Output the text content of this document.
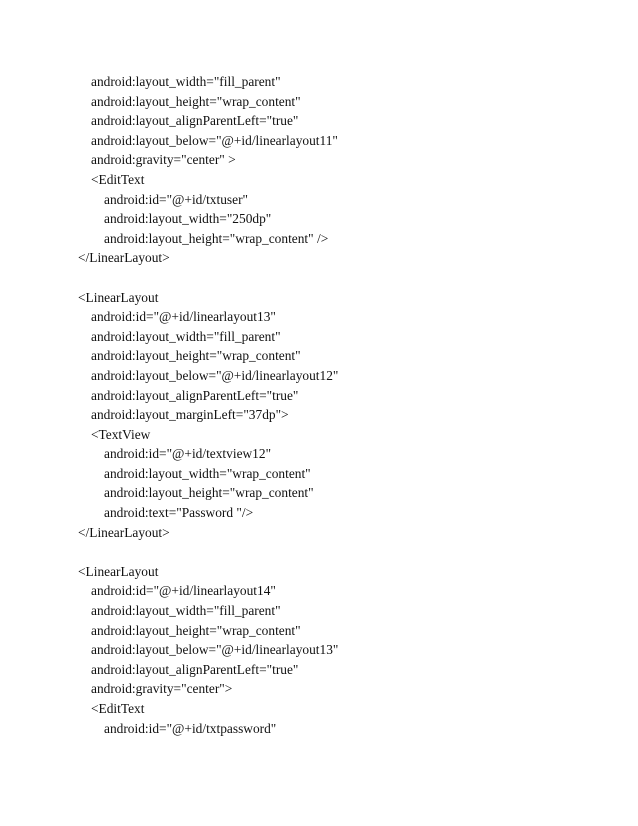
android:layout_width="fill_parent"
android:layout_height="wrap_content"
android:layout_alignParentLeft="true"
android:layout_below="@+id/linearlayout11"
android:gravity="center" >
<EditText
android:id="@+id/txtuser"
android:layout_width="250dp"
android:layout_height="wrap_content" />
</LinearLayout>
<LinearLayout
android:id="@+id/linearlayout13"
android:layout_width="fill_parent"
android:layout_height="wrap_content"
android:layout_below="@+id/linearlayout12"
android:layout_alignParentLeft="true"
android:layout_marginLeft="37dp">
<TextView
android:id="@+id/textview12"
android:layout_width="wrap_content"
android:layout_height="wrap_content"
android:text="Password "/>
</LinearLayout>
<LinearLayout
android:id="@+id/linearlayout14"
android:layout_width="fill_parent"
android:layout_height="wrap_content"
android:layout_below="@+id/linearlayout13"
android:layout_alignParentLeft="true"
android:gravity="center">
<EditText
android:id="@+id/txtpassword"
